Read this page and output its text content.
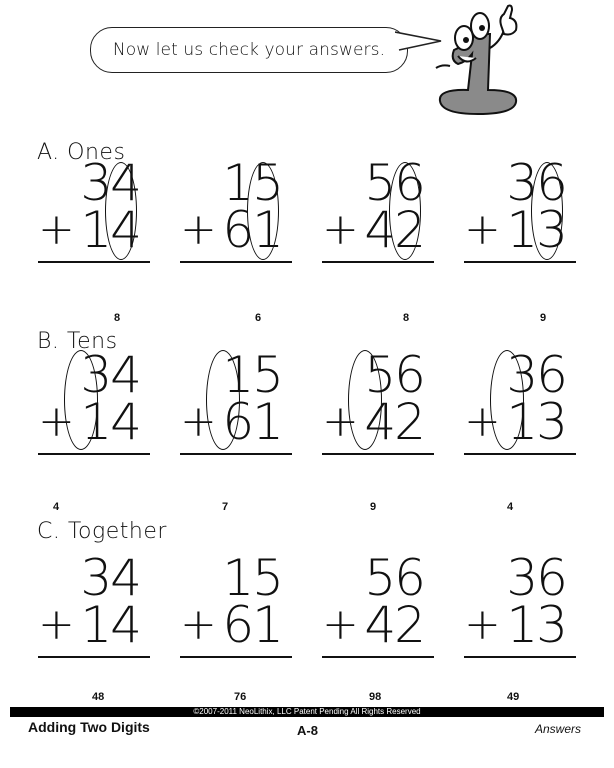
Now let us check your answers.
A. Ones
34
+ 14
15
+ 61
56
+ 42
36
+ 13
8	6	8	9
B. Tens
34
+ 14
15
+ 61
56
+ 42
36
+ 13
4	7	9	4
C. Together
34
+ 14
15
+ 61
56
+ 42
36
+ 13
48	76	98	49
©2007-2011 NeoLithix, LLC Patent Pending All Rights Reserved
Adding Two Digits	A-8	Answers
